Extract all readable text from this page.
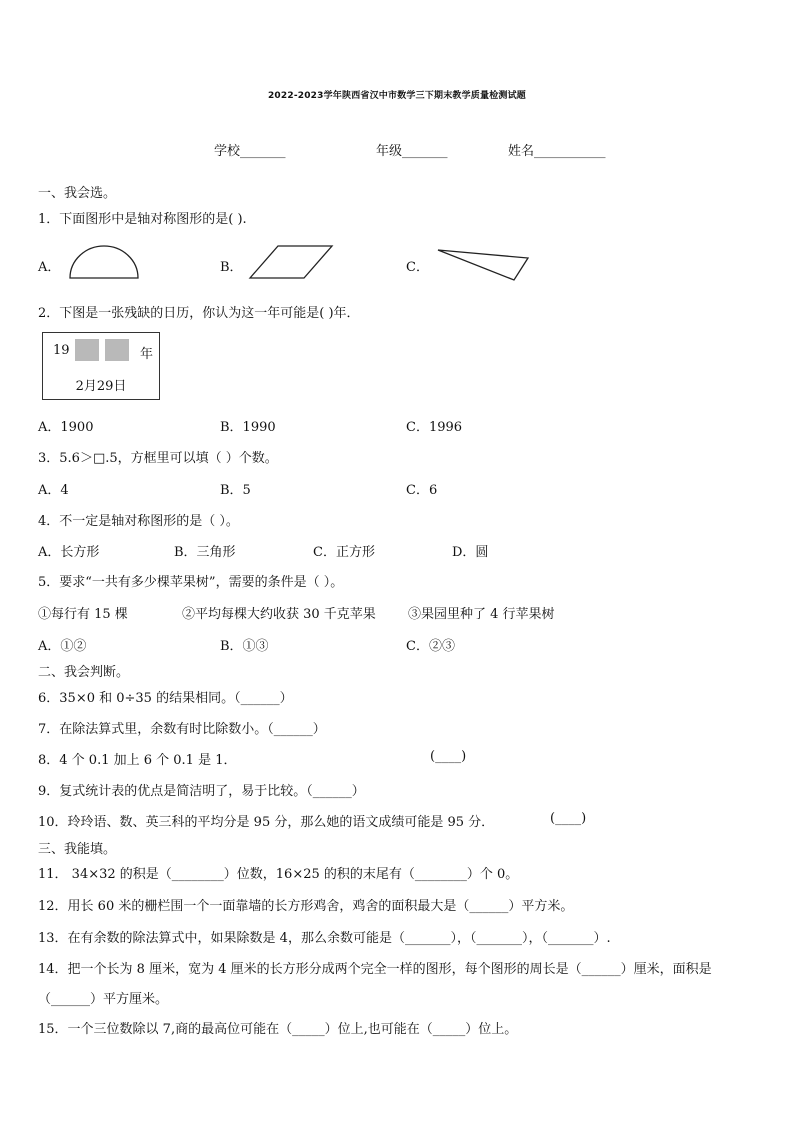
2022-2023学年陕西省汉中市数学三下期末教学质量检测试题
学校_______	年级_______	姓名___________
一、我会选。
1．下面图形中是轴对称图形的是( ).
A．	B．	C．
2．下图是一张残缺的日历，你认为这一年可能是( )年．
19	年
2月29日
A．1900	B．1990	C．1996
3．5.6＞□.5，方框里可以填（ ）个数。
A．4	B．5	C．6
4．不一定是轴对称图形的是（ ）。
A．长方形	B．三角形	C．正方形	D．圆
5．要求“一共有多少棵苹果树”，需要的条件是（ ）。
①每行有 15 棵	②平均每棵大约收获 30 千克苹果 ③果园里种了 4 行苹果树
A．①②	B．①③	C．②③
二、我会判断。
6．35×0 和 0÷35 的结果相同。（______）
7．在除法算式里，余数有时比除数小。（______）
8．4 个 0.1 加上 6 个 0.1 是 1．	(____)
9．复式统计表的优点是简洁明了，易于比较。（______）
10．玲玲语、数、英三科的平均分是 95 分，那么她的语文成绩可能是 95 分．	(____)
三、我能填。
11． 34×32 的积是（________）位数，16×25 的积的末尾有（________）个 0。
12．用长 60 米的栅栏围一个一面靠墙的长方形鸡舍，鸡舍的面积最大是（______）平方米。
13．在有余数的除法算式中，如果除数是 4，那么余数可能是（_______），（_______），（_______）.
14．把一个长为 8 厘米，宽为 4 厘米的长方形分成两个完全一样的图形，每个图形的周长是（______）厘米，面积是
（______）平方厘米。
15．一个三位数除以 7,商的最高位可能在（_____）位上,也可能在（_____）位上。
